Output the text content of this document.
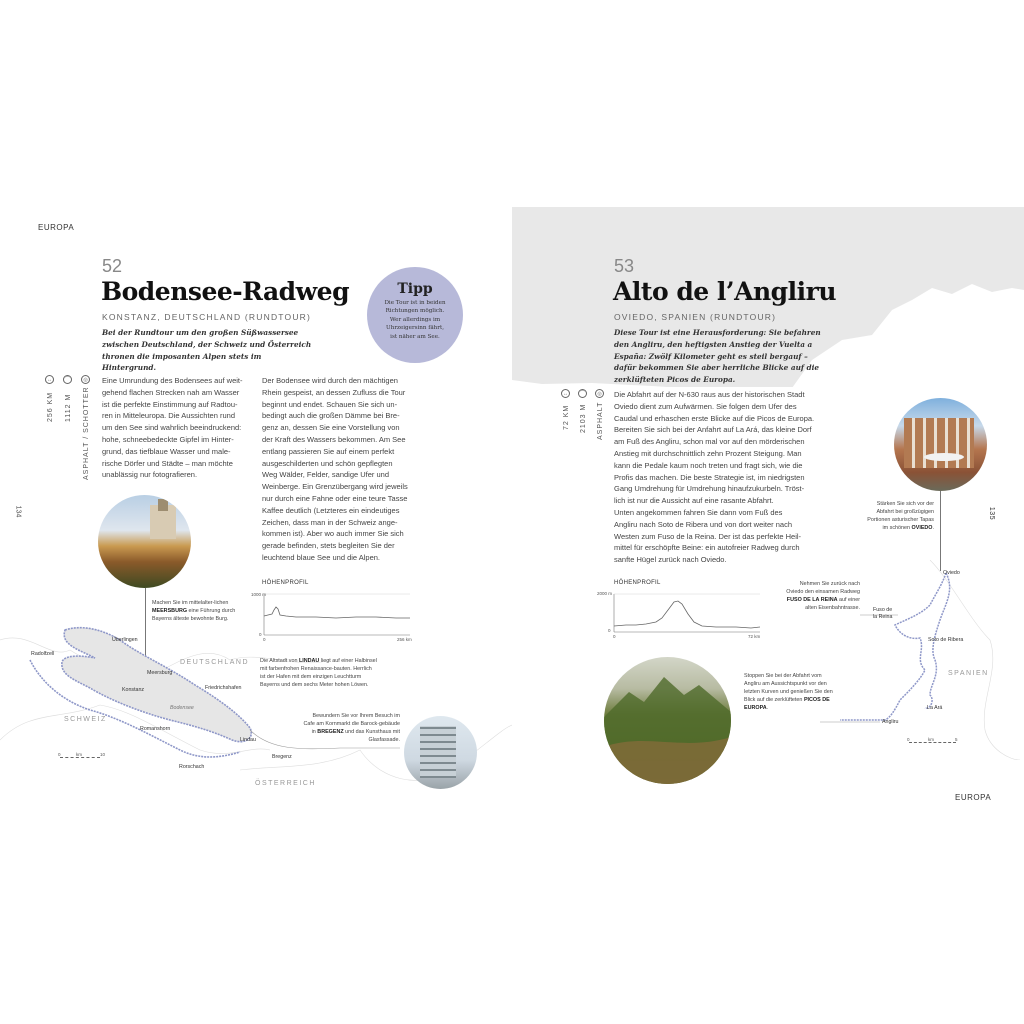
EUROPA
134
52
Bodensee-Radweg
KONSTANZ, DEUTSCHLAND (RUNDTOUR)
Bei der Rundtour um den großen Süßwassersee zwischen Deutschland, der Schweiz und Österreich thronen die imposanten Alpen stets im Hintergrund.
Tipp
Die Tour ist in beiden Richtungen möglich. Wer allerdings im Uhrzeigersinn fährt, ist näher am See.
↔	⌒	◎
256 KM 1112 M ASPHALT / SCHOTTER
Eine Umrundung des Bodensees auf weit-
gehend flachen Strecken nah am Wasser
ist die perfekte Einstimmung auf Radtou-
ren in Mitteleuropa. Die Aussichten rund
um den See sind wahrlich beeindruckend:
hohe, schneebedeckte Gipfel im Hinter-
grund, das tiefblaue Wasser und male-
rische Dörfer und Städte – man möchte
unablässig nur fotografieren.
Der Bodensee wird durch den mächtigen
Rhein gespeist, an dessen Zufluss die Tour
beginnt und endet. Schauen Sie sich un-
bedingt auch die großen Dämme bei Bre-
genz an, dessen Sie eine Vorstellung von
der Kraft des Wassers bekommen. Am See
entlang passieren Sie auf einem perfekt
ausgeschilderten und schön gepflegten
Weg Wälder, Felder, sandige Ufer und
Weinberge. Ein Grenzübergang wird jeweils
nur durch eine Fahne oder eine teure Tasse
Kaffee deutlich (Letzteres ein eindeutiges
Zeichen, dass man in der Schweiz ange-
kommen ist). Aber wo auch immer Sie sich
gerade befinden, stets begleiten Sie der
leuchtend blaue See und die Alpen.
Machen Sie im mittelalter-lichen MEERSBURG eine Führung durch Bayerns älteste bewohnte Burg.
HÖHENPROFIL
1000 m
0
0	256 km
Überlingen
Radolfzell
Meersburg
Konstanz	Friedrichshafen
Bodensee
Romanshorn
Lindau
Rorschach
Bregenz
DEUTSCHLAND
SCHWEIZ
ÖSTERREICH
0	km	10
Die Altstadt von LINDAU liegt auf einer Halbinsel mit farbenfrohen Renaissance-bauten. Herrlich ist der Hafen mit dem einzigen Leuchtturm Bayerns und dem sechs Meter hohen Löwen.
Bewundern Sie vor Ihrem Besuch im Cafe am Kornmarkt die Barock-gebäude in BREGENZ und das Kunsthaus mit Glasfassade.
53
Alto de l’Angliru
OVIEDO, SPANIEN (RUNDTOUR)
Diese Tour ist eine Herausforderung: Sie befahren den Angliru, den heftigsten Anstieg der Vuelta a España: Zwölf Kilometer geht es steil bergauf – dafür bekommen Sie aber herrliche Blicke auf die zerklüfteten Picos de Europa.
↔	⌒	◎
72 KM 2103 M ASPHALT
Die Abfahrt auf der N-630 raus aus der historischen Stadt
Oviedo dient zum Aufwärmen. Sie folgen dem Ufer des
Caudal und erhaschen erste Blicke auf die Picos de Europa.
Bereiten Sie sich bei der Anfahrt auf La Ará, das kleine Dorf
am Fuß des Angliru, schon mal vor auf den mörderischen
Anstieg mit durchschnittlich zehn Prozent Steigung. Man
kann die Pedale kaum noch treten und fragt sich, wie die
Profis das machen. Die beste Strategie ist, im niedrigsten
Gang Umdrehung für Umdrehung hinaufzukurbeln. Tröst-
lich ist nur die Aussicht auf eine rasante Abfahrt.
Unten angekommen fahren Sie dann vom Fuß des
Angliru nach Soto de Ribera und von dort weiter nach
Westen zum Fuso de la Reina. Der ist das perfekte Heil-
mittel für erschöpfte Beine: ein autofreier Radweg durch
sanfte Hügel zurück nach Oviedo.
135
Stärken Sie sich vor der Abfahrt bei großzügigen Portionen asturischer Tapas im schönen OVIEDO.
HÖHENPROFIL
2000 m
0
0	72 km
Stoppen Sie bei der Abfahrt vom Angliru am Aussichtspunkt vor den letzten Kurven und genießen Sie den Blick auf die zerklüfteten PICOS DE EUROPA.
Nehmen Sie zurück nach Oviedo den einsamen Radweg FUSO DE LA REINA auf einer alten Eisenbahntrasse.
Oviedo
Fuso de la Reina
Soto de Ribera
La Ará
Angliru
SPANIEN
0	km	5
EUROPA
